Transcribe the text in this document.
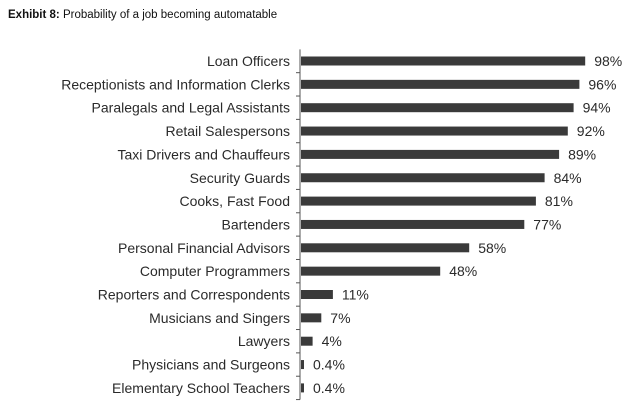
Exhibit 8: Probability of a job becoming automatable
Loan Officers	98%
Receptionists and Information Clerks	96%
Paralegals and Legal Assistants	94%
Retail Salespersons	92%
Taxi Drivers and Chauffeurs	89%
Security Guards	84%
Cooks, Fast Food	81%
Bartenders	77%
Personal Financial Advisors	58%
Computer Programmers	48%
Reporters and Correspondents	11%
Musicians and Singers	7%
Lawyers 4%
Physicians and Surgeons 0.4%
Elementary School Teachers 0.4%
